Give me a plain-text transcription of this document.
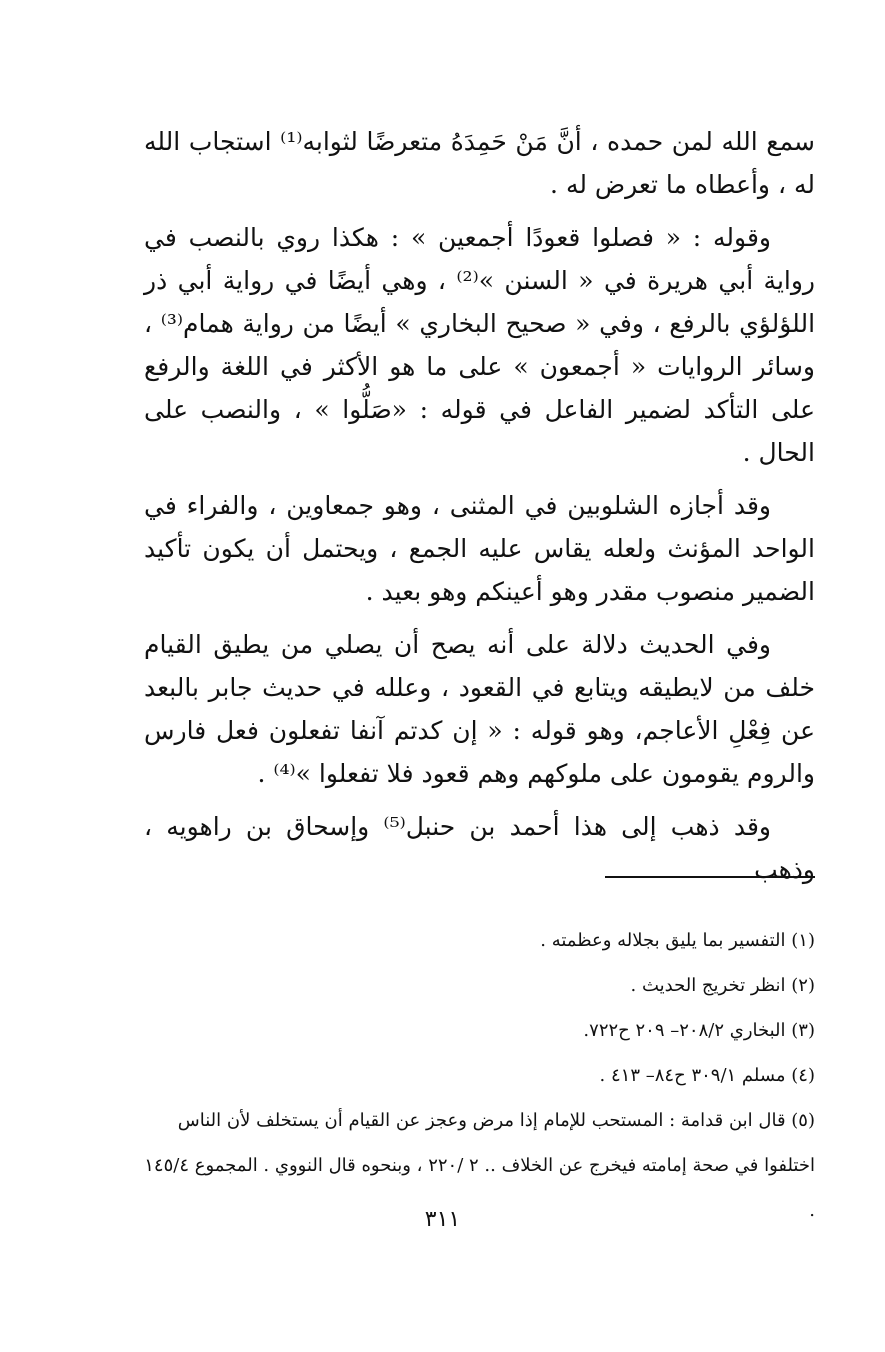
سمع الله لمن حمده ، أنَّ مَنْ حَمِدَهُ متعرضًا لثوابه⁽¹⁾ استجاب الله له ، وأعطاه ما تعرض له .

وقوله : « فصلوا قعودًا أجمعين » : هكذا روي بالنصب في رواية أبي هريرة في « السنن »⁽²⁾ ، وهي أيضًا في رواية أبي ذر اللؤلؤي بالرفع ، وفي « صحيح البخاري » أيضًا من رواية همام⁽³⁾ ، وسائر الروايات « أجمعون » على ما هو الأكثر في اللغة والرفع على التأكد لضمير الفاعل في قوله : «صَلُّوا » ، والنصب على الحال .

وقد أجازه الشلوبين في المثنى ، وهو جمعاوين ، والفراء في الواحد المؤنث ولعله يقاس عليه الجمع ، ويحتمل أن يكون تأكيد الضمير منصوب مقدر وهو أعينكم وهو بعيد .

وفي الحديث دلالة على أنه يصح أن يصلي من يطيق القيام خلف من لايطيقه ويتابع في القعود ، وعلله في حديث جابر بالبعد عن فِعْلِ الأعاجم، وهو قوله : « إن كدتم آنفا تفعلون فعل فارس والروم يقومون على ملوكهم وهم قعود فلا تفعلوا »⁽⁴⁾ .

وقد ذهب إلى هذا أحمد بن حنبل⁽⁵⁾ وإسحاق بن راهويه ، وذهب

(١) التفسير بما يليق بجلاله وعظمته .

(٢) انظر تخريج الحديث .

(٣) البخاري ٢٠٨/٢– ٢٠٩ ح٧٢٢.

(٤) مسلم ٣٠٩/١ ح٨٤– ٤١٣ .

(٥) قال ابن قدامة : المستحب للإمام إذا مرض وعجز عن القيام أن يستخلف لأن الناس اختلفوا في صحة إمامته فيخرج عن الخلاف .. ٢ /٢٢٠ ، وبنحوه قال النووي . المجموع ١٤٥/٤ .

٣١١
